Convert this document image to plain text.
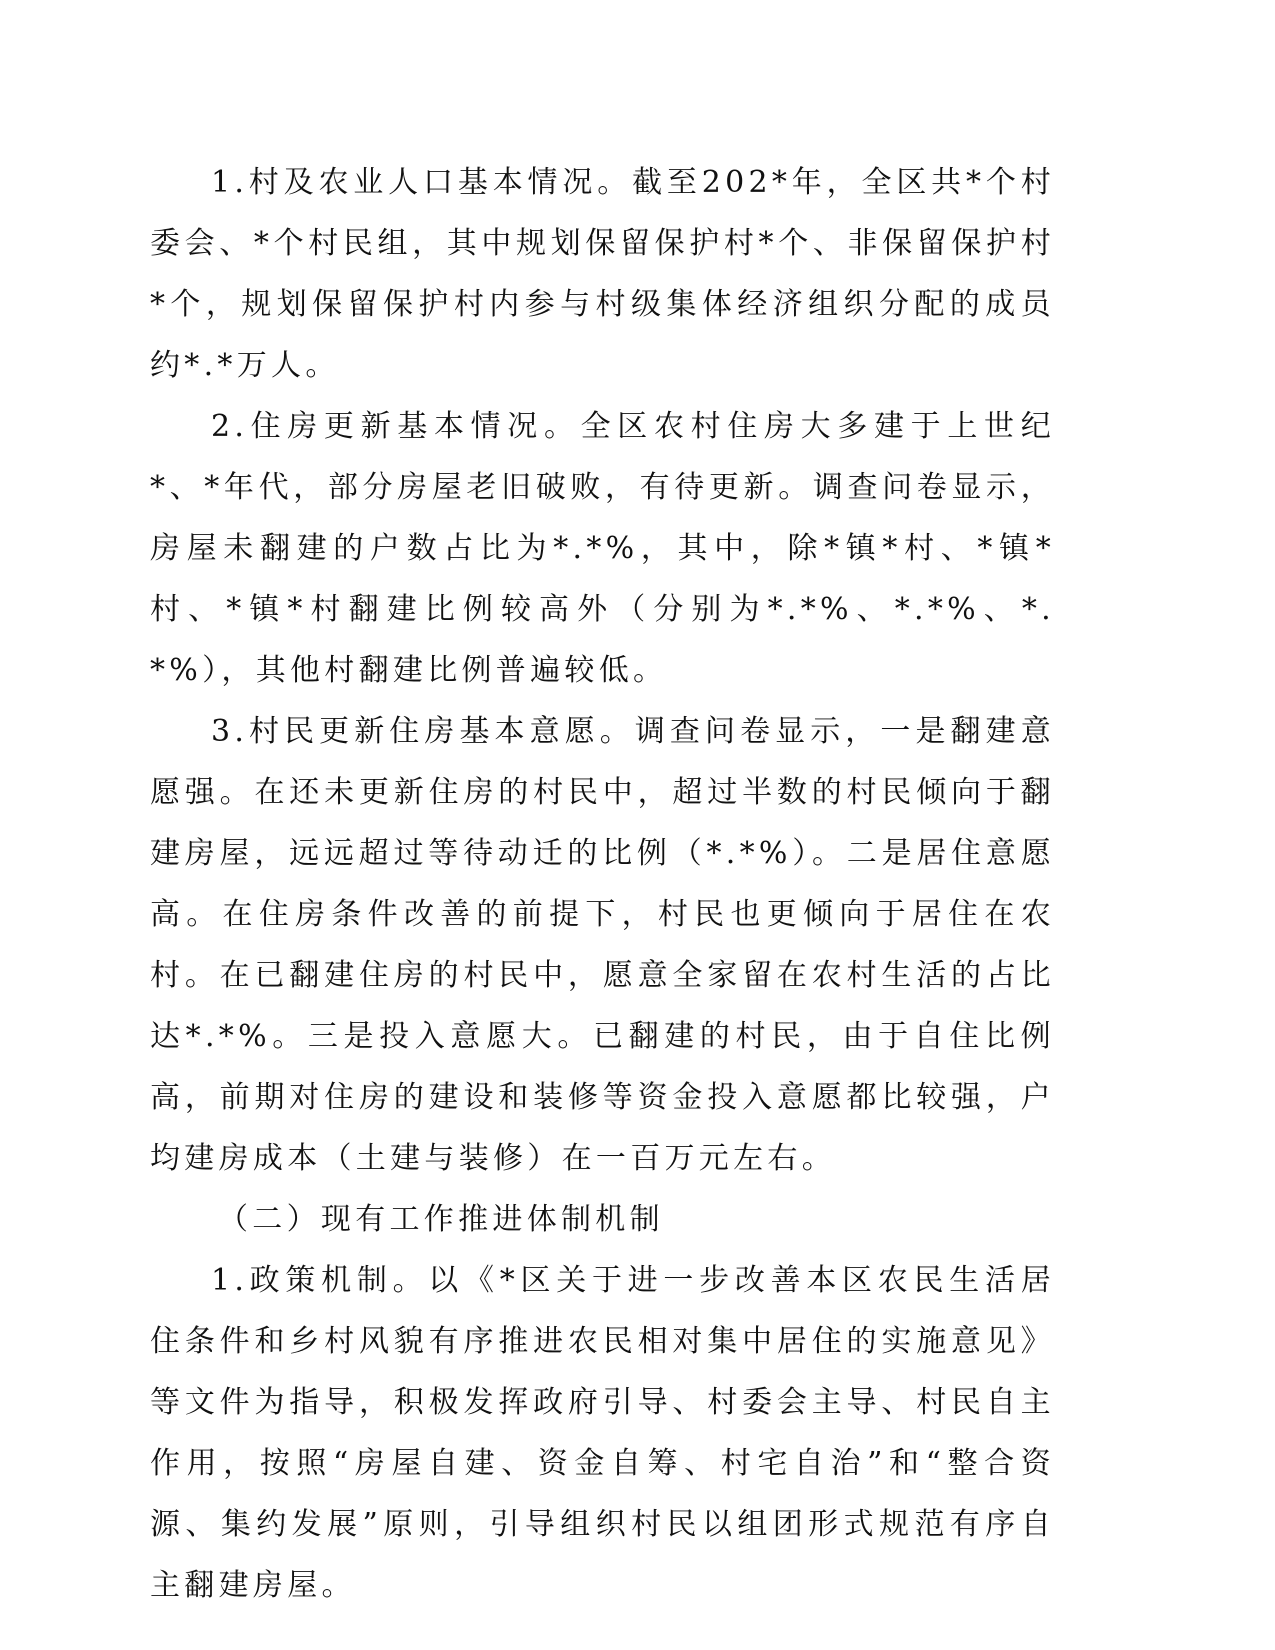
1.村及农业人口基本情况。截至202*年，全区共*个村委会、*个村民组，其中规划保留保护村*个、非保留保护村*个，规划保留保护村内参与村级集体经济组织分配的成员约*.*万人。

2.住房更新基本情况。全区农村住房大多建于上世纪*、*年代，部分房屋老旧破败，有待更新。调查问卷显示，房屋未翻建的户数占比为*.*%，其中，除*镇*村、*镇*村、*镇*村翻建比例较高外（分别为*.*%、*.*%、*.*%），其他村翻建比例普遍较低。

3.村民更新住房基本意愿。调查问卷显示，一是翻建意愿强。在还未更新住房的村民中，超过半数的村民倾向于翻建房屋，远远超过等待动迁的比例（*.*%）。二是居住意愿高。在住房条件改善的前提下，村民也更倾向于居住在农村。在已翻建住房的村民中，愿意全家留在农村生活的占比达*.*%。三是投入意愿大。已翻建的村民，由于自住比例高，前期对住房的建设和装修等资金投入意愿都比较强，户均建房成本（土建与装修）在一百万元左右。

（二）现有工作推进体制机制

1.政策机制。以《*区关于进一步改善本区农民生活居住条件和乡村风貌有序推进农民相对集中居住的实施意见》等文件为指导，积极发挥政府引导、村委会主导、村民自主作用，按照“房屋自建、资金自筹、村宅自治”和“整合资源、集约发展”原则，引导组织村民以组团形式规范有序自主翻建房屋。
